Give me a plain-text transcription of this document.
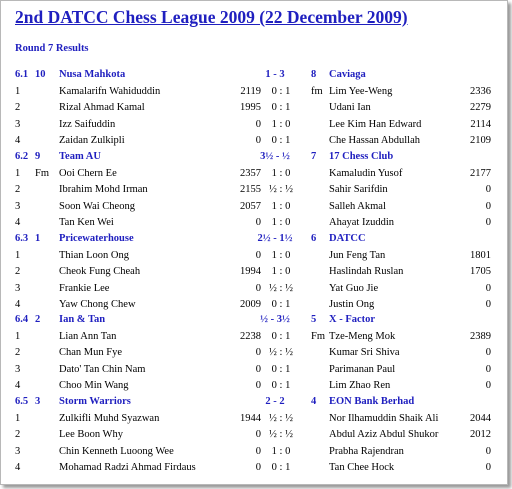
2nd DATCC Chess League 2009 (22 December 2009)
Round 7 Results
6.1 10 Nusa Mahkota	1 - 3	8 Caviaga
1	Kamalarifn Wahiduddin	2119	0 : 1	fm Lim Yee-Weng	2336
2	Rizal Ahmad Kamal	1995	0 : 1	Udani Ian	2279
3	Izz Saifuddin	0	1 : 0	Lee Kim Han Edward	2114
4	Zaidan Zulkipli	0	0 : 1	Che Hassan Abdullah	2109
6.2 9 Team AU	3½ - ½	7 17 Chess Club
1 Fm Ooi Chern Ee	2357	1 : 0	Kamaludin Yusof	2177
2	Ibrahim Mohd Irman	2155 ½ : ½	Sahir Sarifdin	0
3	Soon Wai Cheong	2057	1 : 0	Salleh Akmal	0
4	Tan Ken Wei	0	1 : 0	Ahayat Izuddin	0
6.3 1 Pricewaterhouse	2½ - 1½	6 DATCC
1	Thian Loon Ong	0	1 : 0	Jun Feng Tan	1801
2	Cheok Fung Cheah	1994	1 : 0	Haslindah Ruslan	1705
3	Frankie Lee	0 ½ : ½	Yat Guo Jie	0
4	Yaw Chong Chew	2009	0 : 1	Justin Ong	0
6.4 2 Ian & Tan	½ - 3½	5 X - Factor
1	Lian Ann Tan	2238	0 : 1	Fm Tze-Meng Mok	2389
2	Chan Mun Fye	0 ½ : ½	Kumar Sri Shiva	0
3	Dato' Tan Chin Nam	0	0 : 1	Parimanan Paul	0
4	Choo Min Wang	0	0 : 1	Lim Zhao Ren	0
6.5 3 Storm Warriors	2 - 2	4 EON Bank Berhad
1	Zulkifli Muhd Syazwan	1944 ½ : ½	Nor Ilhamuddin Shaik Ali	2044
2	Lee Boon Why	0 ½ : ½	Abdul Aziz Abdul Shukor	2012
3	Chin Kenneth Luoong Wee	0	1 : 0	Prabha Rajendran	0
4	Mohamad Radzi Ahmad Firdaus	0	0 : 1	Tan Chee Hock	0
